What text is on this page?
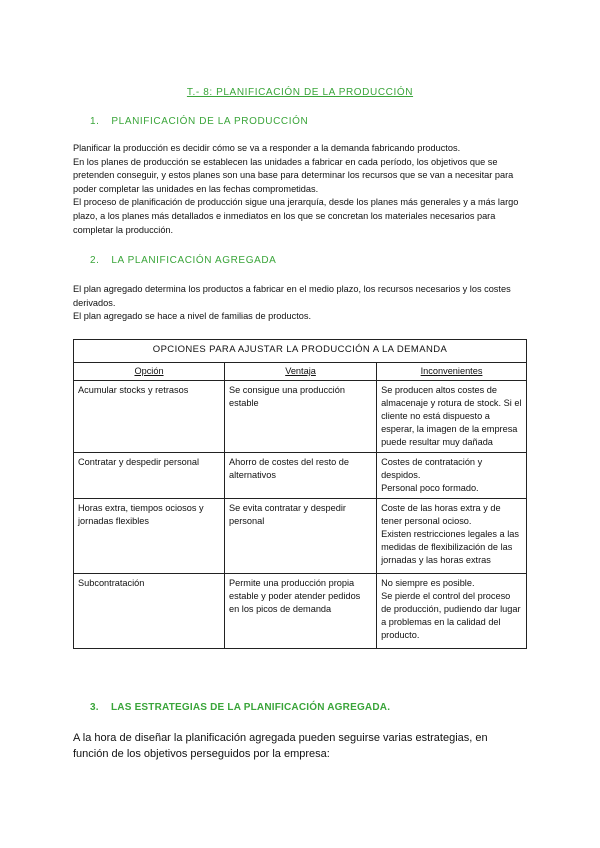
T.- 8: PLANIFICACIÓN DE LA PRODUCCIÓN
1. PLANIFICACIÓN DE LA PRODUCCIÓN
Planificar la producción es decidir cómo se va a responder a la demanda fabricando productos.
En los planes de producción se establecen las unidades a fabricar en cada período, los objetivos que se pretenden conseguir, y estos planes son una base para determinar los recursos que se van a necesitar para poder completar las unidades en las fechas comprometidas.
El proceso de planificación de producción sigue una jerarquía, desde los planes más generales y a más largo plazo, a los planes más detallados e inmediatos en los que se concretan los materiales necesarios para completar la producción.
2. LA PLANIFICACIÓN AGREGADA
El plan agregado determina los productos a fabricar en el medio plazo, los recursos necesarios y los costes derivados.
El plan agregado se hace a nivel de familias de productos.
OPCIONES PARA AJUSTAR LA PRODUCCIÓN A LA DEMANDA		
Opción	Ventaja	Inconvenientes
Acumular stocks y retrasos	Se consigue una producción estable	Se producen altos costes de almacenaje y rotura de stock. Si el cliente no está dispuesto a esperar, la imagen de la empresa puede resultar muy dañada
Contratar y despedir personal	Ahorro de costes del resto de alternativos	Costes de contratación y despidos.
Personal poco formado.
Horas extra, tiempos ociosos y jornadas flexibles	Se evita contratar y despedir personal	Coste de las horas extra y de tener personal ocioso.
Existen restricciones legales a las medidas de flexibilización de las jornadas y las horas extras
Subcontratación	Permite una producción propia estable y poder atender pedidos en los picos de demanda	No siempre es posible.
Se pierde el control del proceso de producción, pudiendo dar lugar a problemas en la calidad del producto.
3. LAS ESTRATEGIAS DE LA PLANIFICACIÓN AGREGADA.
A la hora de diseñar la planificación agregada pueden seguirse varias estrategias, en función de los objetivos perseguidos por la empresa:
